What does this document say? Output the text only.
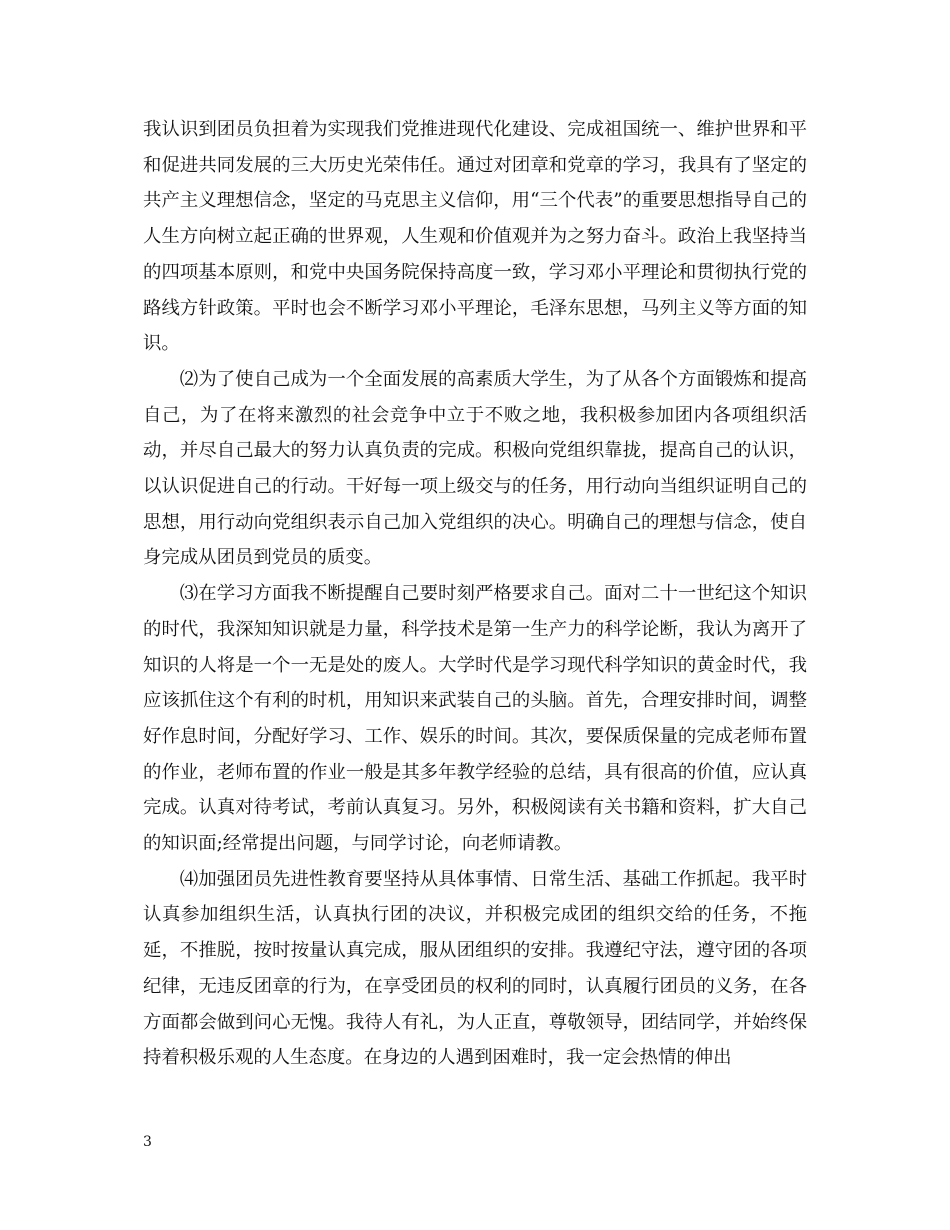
我认识到团员负担着为实现我们党推进现代化建设、完成祖国统一、维护世界和平和促进共同发展的三大历史光荣伟任。通过对团章和党章的学习，我具有了坚定的共产主义理想信念，坚定的马克思主义信仰，用“三个代表”的重要思想指导自己的人生方向树立起正确的世界观，人生观和价值观并为之努力奋斗。政治上我坚持当的四项基本原则，和党中央国务院保持高度一致，学习邓小平理论和贯彻执行党的路线方针政策。平时也会不断学习邓小平理论，毛泽东思想，马列主义等方面的知识。

⑵为了使自己成为一个全面发展的高素质大学生，为了从各个方面锻炼和提高自己，为了在将来激烈的社会竞争中立于不败之地，我积极参加团内各项组织活动，并尽自己最大的努力认真负责的完成。积极向党组织靠拢，提高自己的认识，以认识促进自己的行动。干好每一项上级交与的任务，用行动向当组织证明自己的思想，用行动向党组织表示自己加入党组织的决心。明确自己的理想与信念，使自身完成从团员到党员的质变。

⑶在学习方面我不断提醒自己要时刻严格要求自己。面对二十一世纪这个知识的时代，我深知知识就是力量，科学技术是第一生产力的科学论断，我认为离开了知识的人将是一个一无是处的废人。大学时代是学习现代科学知识的黄金时代，我应该抓住这个有利的时机，用知识来武装自己的头脑。首先，合理安排时间，调整好作息时间，分配好学习、工作、娱乐的时间。其次，要保质保量的完成老师布置的作业，老师布置的作业一般是其多年教学经验的总结，具有很高的价值，应认真完成。认真对待考试，考前认真复习。另外，积极阅读有关书籍和资料，扩大自己的知识面;经常提出问题，与同学讨论，向老师请教。

⑷加强团员先进性教育要坚持从具体事情、日常生活、基础工作抓起。我平时认真参加组织生活，认真执行团的决议，并积极完成团的组织交给的任务，不拖延，不推脱，按时按量认真完成，服从团组织的安排。我遵纪守法，遵守团的各项纪律，无违反团章的行为，在享受团员的权利的同时，认真履行团员的义务，在各方面都会做到问心无愧。我待人有礼，为人正直，尊敬领导，团结同学，并始终保持着积极乐观的人生态度。在身边的人遇到困难时，我一定会热情的伸出

3
